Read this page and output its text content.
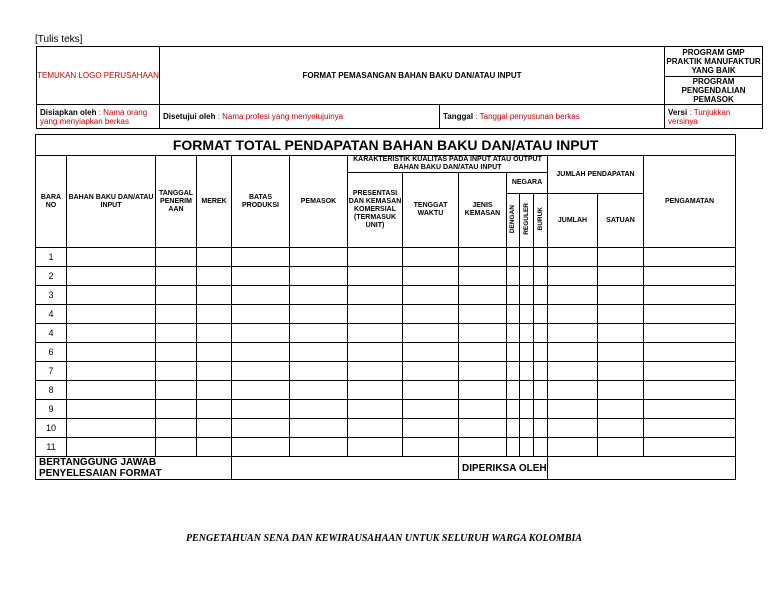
[Tulis teks]
TEMUKAN LOGO PERUSAHAAN	FORMAT PEMASANGAN BAHAN BAKU DAN/ATAU INPUT		PROGRAM GMP PRAKTIK MANUFAKTUR YANG BAIK
			PROGRAM PENGENDALIAN PEMASOK
Disiapkan oleh : Nama orang yang menyiapkan berkas	Disetujui oleh : Nama profesi yang menyetujuinya	Tanggal : Tanggal penyusunan berkas	Versi : Tunjukkan versinya
FORMAT TOTAL PENDAPATAN BAHAN BAKU DAN/ATAU INPUT														
BARA NO	BAHAN BAKU DAN/ATAU INPUT	TANGGAL PENERIM AAN	MEREK	BATAS PRODUKSI	PEMASOK	KARAKTERISTIK KUALITAS PADA INPUT ATAU OUTPUT BAHAN BAKU DAN/ATAU INPUT						JUMLAH PENDAPATAN		PENGAMATAN
						PRESENTASI DAN KEMASAN KOMERSIAL (TERMASUK UNIT)	TENGGAT WAKTU	JENIS KEMASAN	NEGARA					
									DENGAN	REGULER	BURUK	JUMLAH	SATUAN	
1														
2														
3														
4														
4														
6														
7														
8														
9														
10														
11														
BERTANGGUNG JAWAB PENYELESAIAN FORMAT								DIPERIKSA OLEH						
PENGETAHUAN SENA DAN KEWIRAUSAHAAN UNTUK SELURUH WARGA KOLOMBIA
